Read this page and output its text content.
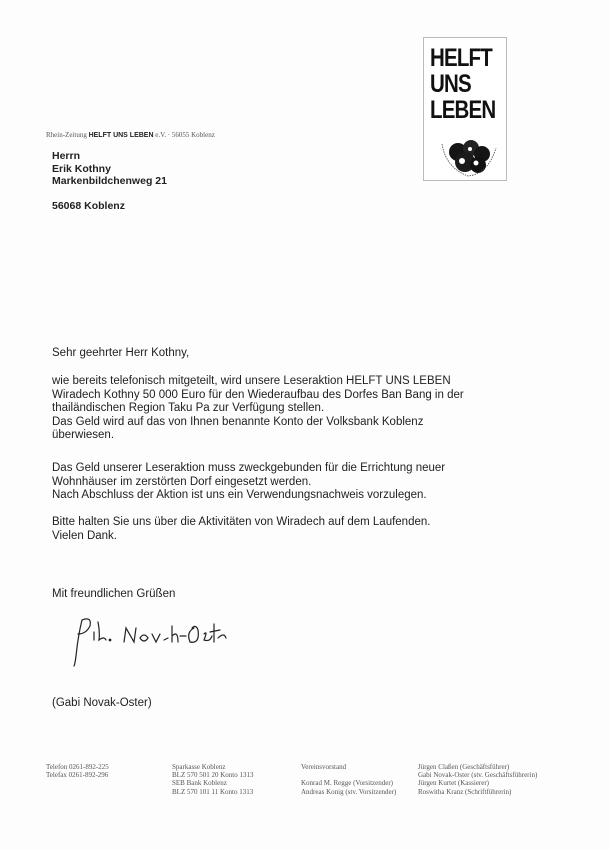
HELFT
UNS
LEBEN
Rhein-Zeitung HELFT UNS LEBEN e.V. · 56055 Koblenz
Herrn
Erik Kothny
Markenbildchenweg 21
56068 Koblenz
Sehr geehrter Herr Kothny,
wie bereits telefonisch mitgeteilt, wird unsere Leseraktion HELFT UNS LEBEN
Wiradech Kothny 50 000 Euro für den Wiederaufbau des Dorfes Ban Bang in der
thailändischen Region Taku Pa zur Verfügung stellen.
Das Geld wird auf das von Ihnen benannte Konto der Volksbank Koblenz
überwiesen.
Das Geld unserer Leseraktion muss zweckgebunden für die Errichtung neuer
Wohnhäuser im zerstörten Dorf eingesetzt werden.
Nach Abschluss der Aktion ist uns ein Verwendungsnachweis vorzulegen.
Bitte halten Sie uns über die Aktivitäten von Wiradech auf dem Laufenden.
Vielen Dank.
Mit freundlichen Grüßen
(Gabi Novak-Oster)
Telefon 0261-892-225
Telefax 0261-892-296
Sparkasse Koblenz
BLZ 570 501 20 Konto 1313
SEB Bank Koblenz
BLZ 570 101 11 Konto 1313
Vereinsvorstand
Konrad M. Regge (Vorsitzender)
Andreas Konig (stv. Vorsitzender)
Jürgen Claßen (Geschäftsführer)
Gabi Novak-Oster (stv. Geschäftsführerin)
Jürgen Kurtet (Kassierer)
Roswitha Kranz (Schriftführerin)
